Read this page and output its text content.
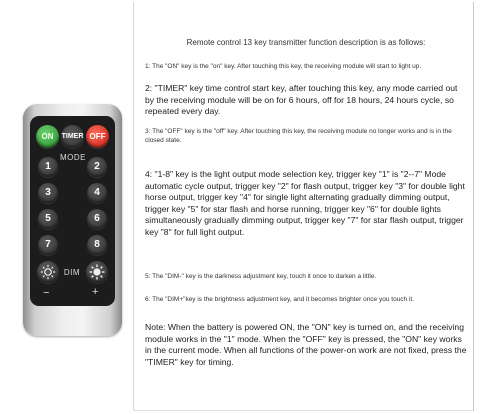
ON	TIMER OFF
MODE
1	2
3	4
5	6
7	8
DIM
−	+

Remote control 13 key transmitter function description is as follows:

1: The "ON" key is the "on" key. After touching this key, the receiving module will start to light up.

2: "TIMER" key time control start key, after touching this key, any mode carried out by the receiving module will be on for 6 hours, off for 18 hours, 24 hours cycle, so repeated every day.

3: The "OFF" key is the "off" key. After touching this key, the receiving module no longer works and is in the closed state.

4: "1-8" key is the light output mode selection key, trigger key "1" is "2--7" Mode automatic cycle output, trigger key "2" for flash output, trigger key "3" for double light horse output, trigger key "4" for single light alternating gradually dimming output, trigger key "5" for star flash and horse running, trigger key "6" for double lights simultaneously gradually dimming output, trigger key "7" for star flash output, trigger key "8" for full light output.

5: The "DIM-" key is the darkness adjustment key, touch it once to darken a little.

6: The "DIM+"key is the brightness adjustment key, and it becomes brighter once you touch it.

Note: When the battery is powered ON, the "ON" key is turned on, and the receiving module works in the "1" mode. When the "OFF" key is pressed, the "ON" key works in the current mode. When all functions of the power-on work are not fixed, press the "TIMER" key for timing.
